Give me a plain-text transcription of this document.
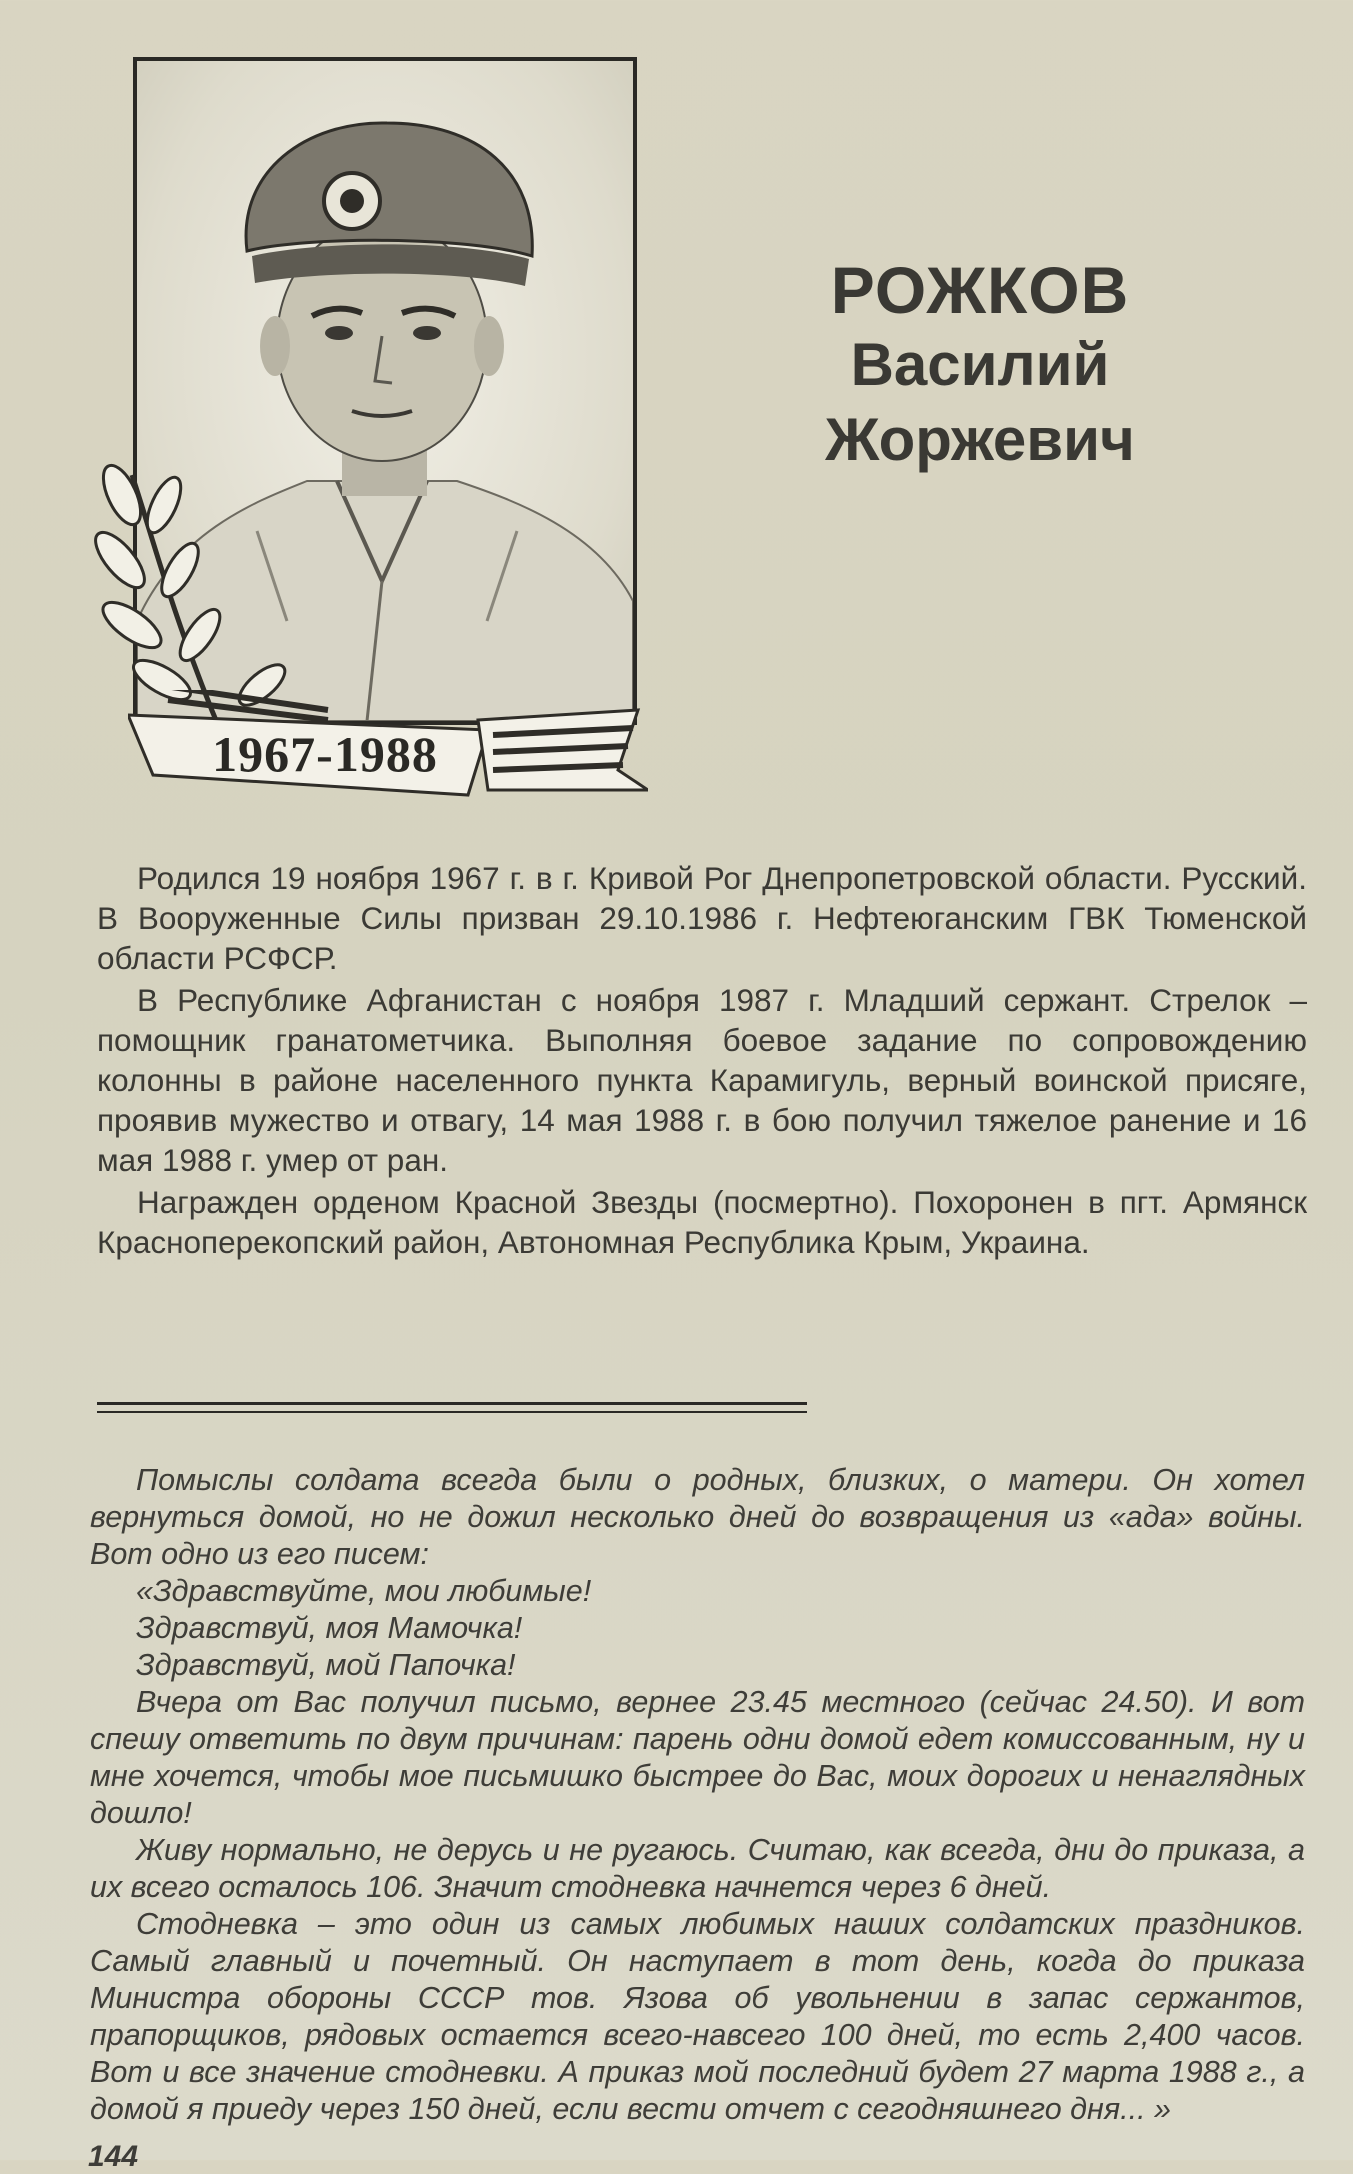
1967-1988
РОЖКОВ
Василий
Жоржевич

Родился 19 ноября 1967 г. в г. Кривой Рог Днепропетровской области. Русский. В Вооруженные Силы призван 29.10.1986 г. Нефтеюганским ГВК Тюменской области РСФСР.

В Республике Афганистан с ноября 1987 г. Младший сержант. Стрелок – помощник гранатометчика. Выполняя боевое задание по сопровождению колонны в районе населенного пункта Карамигуль, верный воинской присяге, проявив мужество и отвагу, 14 мая 1988 г. в бою получил тяжелое ранение и 16 мая 1988 г. умер от ран.

Награжден орденом Красной Звезды (посмертно). Похоронен в пгт. Армянск Красноперекопский район, Автономная Республика Крым, Украина.

Помыслы солдата всегда были о родных, близких, о матери. Он хотел вернуться домой, но не дожил несколько дней до возвращения из «ада» войны. Вот одно из его писем:

«Здравствуйте, мои любимые!

Здравствуй, моя Мамочка!

Здравствуй, мой Папочка!

Вчера от Вас получил письмо, вернее 23.45 местного (сейчас 24.50). И вот спешу ответить по двум причинам: парень одни домой едет комиссованным, ну и мне хочется, чтобы мое письмишко быстрее до Вас, моих дорогих и ненаглядных дошло!

Живу нормально, не дерусь и не ругаюсь. Считаю, как всегда, дни до приказа, а их всего осталось 106. Значит стодневка начнется через 6 дней.

Стодневка – это один из самых любимых наших солдатских праздников. Самый главный и почетный. Он наступает в тот день, когда до приказа Министра обороны СССР тов. Язова об увольнении в запас сержантов, прапорщиков, рядовых остается всего-навсего 100 дней, то есть 2,400 часов. Вот и все значение стодневки. А приказ мой последний будет 27 марта 1988 г., а домой я приеду через 150 дней, если вести отчет с сегодняшнего дня... »

144
